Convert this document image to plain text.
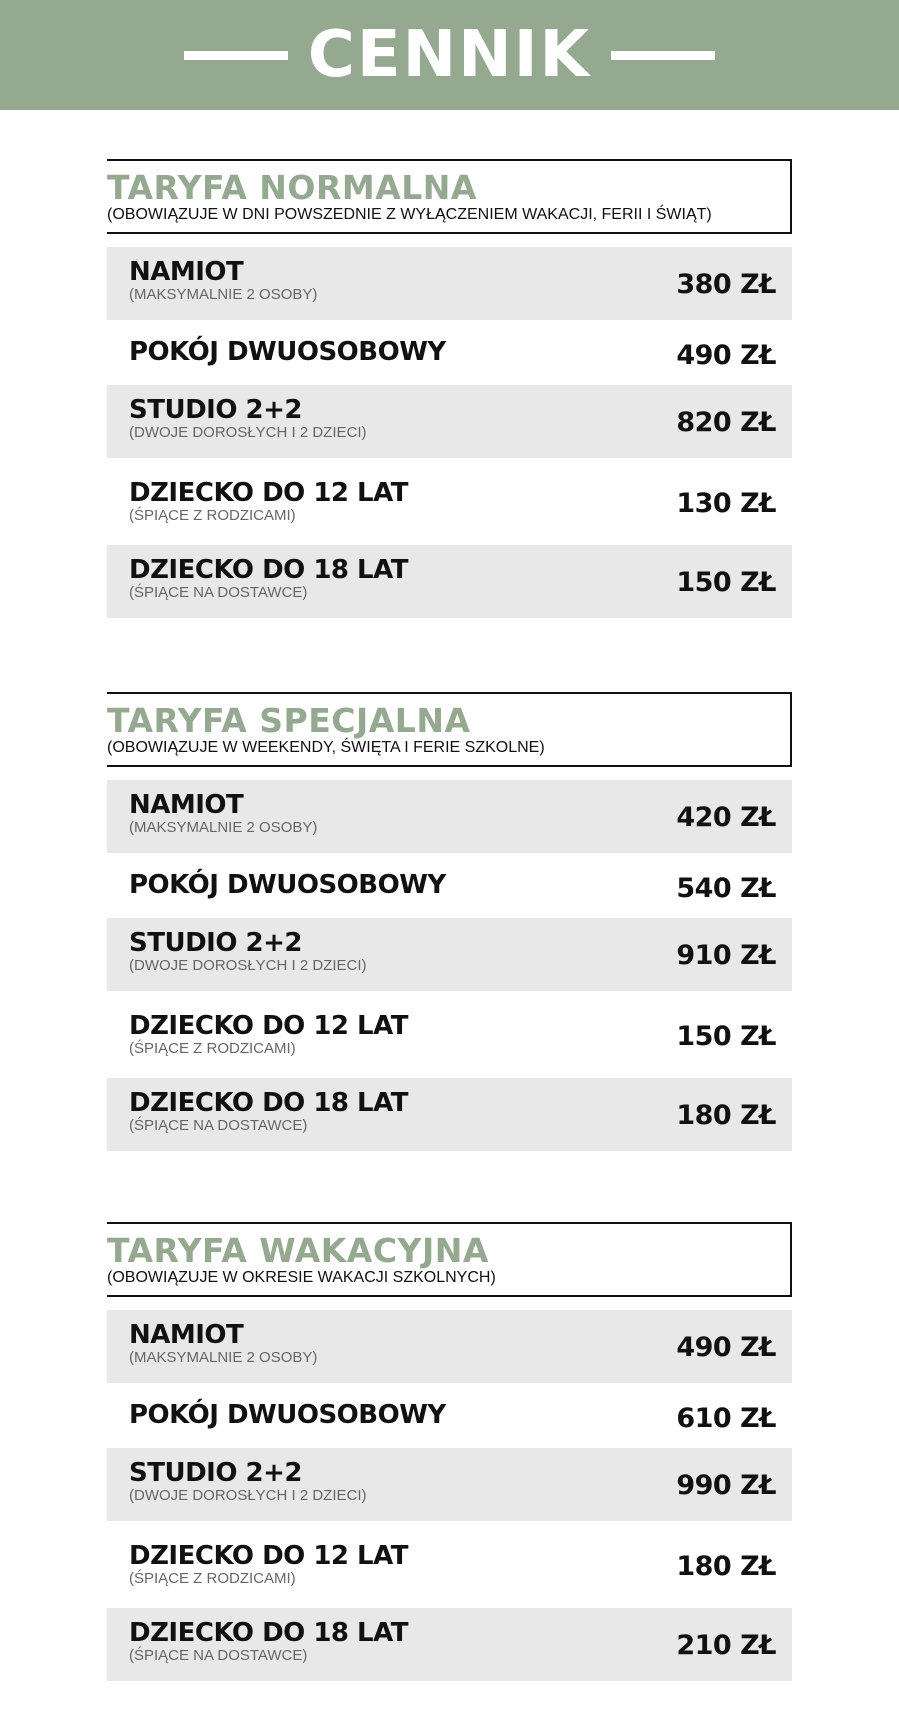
CENNIK
TARYFA NORMALNA
(OBOWIĄZUJE W DNI POWSZEDNIE Z WYŁĄCZENIEM WAKACJI, FERII I ŚWIĄT)
NAMIOT
(MAKSYMALNIE 2 OSOBY)	380 ZŁ
POKÓJ DWUOSOBOWY	490 ZŁ
STUDIO 2+2
(DWOJE DOROSŁYCH I 2 DZIECI)	820 ZŁ
DZIECKO DO 12 LAT
(ŚPIĄCE Z RODZICAMI)	130 ZŁ
DZIECKO DO 18 LAT
(ŚPIĄCE NA DOSTAWCE)	150 ZŁ
TARYFA SPECJALNA
(OBOWIĄZUJE W WEEKENDY, ŚWIĘTA I FERIE SZKOLNE)
NAMIOT
(MAKSYMALNIE 2 OSOBY)	420 ZŁ
POKÓJ DWUOSOBOWY	540 ZŁ
STUDIO 2+2
(DWOJE DOROSŁYCH I 2 DZIECI)	910 ZŁ
DZIECKO DO 12 LAT
(ŚPIĄCE Z RODZICAMI)	150 ZŁ
DZIECKO DO 18 LAT
(ŚPIĄCE NA DOSTAWCE)	180 ZŁ
TARYFA WAKACYJNA
(OBOWIĄZUJE W OKRESIE WAKACJI SZKOLNYCH)
NAMIOT
(MAKSYMALNIE 2 OSOBY)	490 ZŁ
POKÓJ DWUOSOBOWY	610 ZŁ
STUDIO 2+2
(DWOJE DOROSŁYCH I 2 DZIECI)	990 ZŁ
DZIECKO DO 12 LAT
(ŚPIĄCE Z RODZICAMI)	180 ZŁ
DZIECKO DO 18 LAT
(ŚPIĄCE NA DOSTAWCE)	210 ZŁ
